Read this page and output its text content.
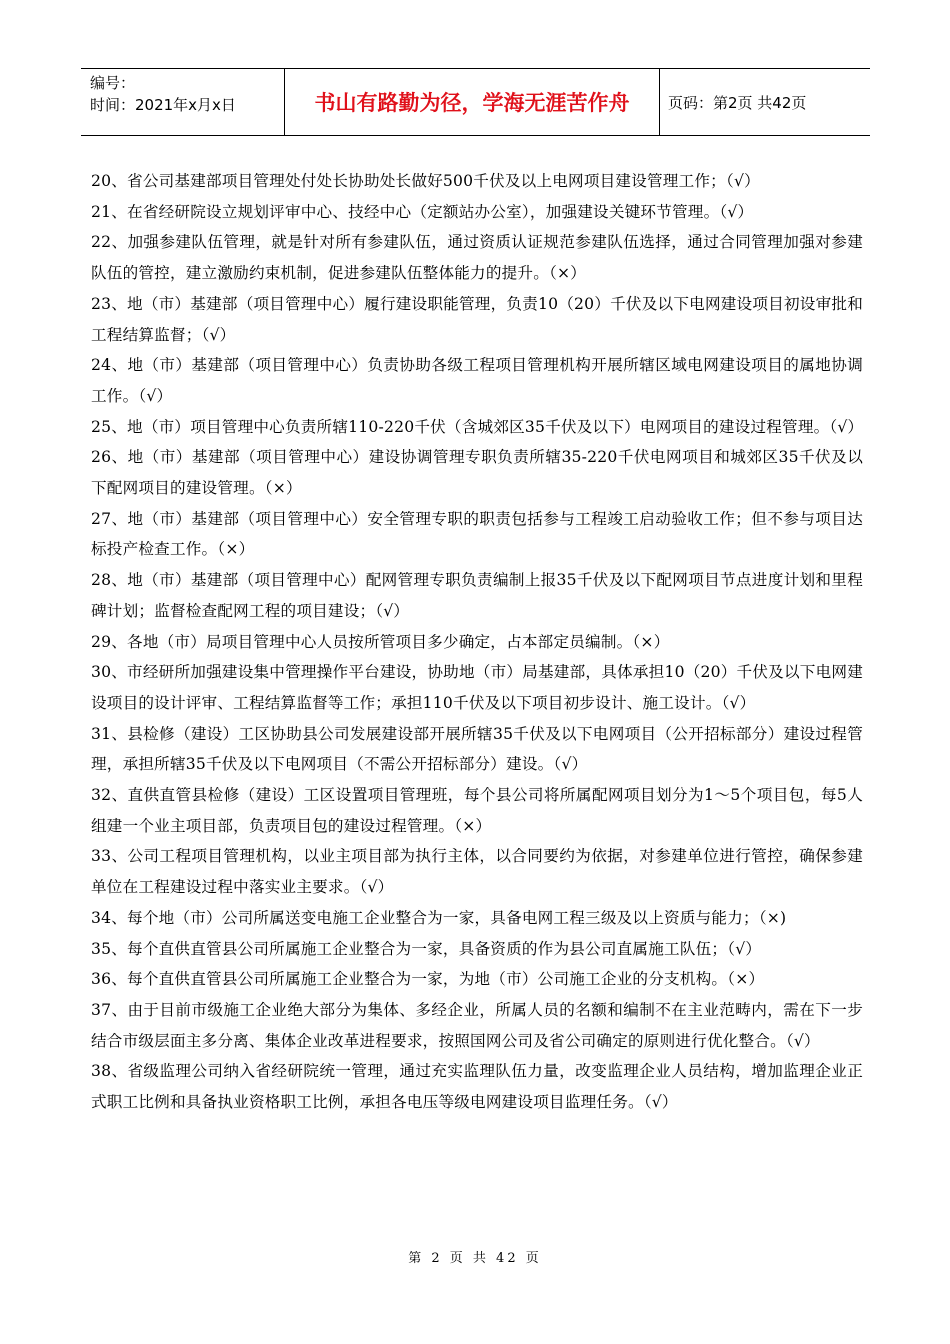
编号：
时间：2021年x月x日	书山有路勤为径，学海无涯苦作舟	页码：第2页 共42页

20、省公司基建部项目管理处付处长协助处长做好500千伏及以上电网项目建设管理工作；（√）

21、在省经研院设立规划评审中心、技经中心（定额站办公室），加强建设关键环节管理。（√）

22、加强参建队伍管理，就是针对所有参建队伍，通过资质认证规范参建队伍选择，通过合同管理加强对参建队伍的管控，建立激励约束机制，促进参建队伍整体能力的提升。（×）

23、地（市）基建部（项目管理中心）履行建设职能管理，负责10（20）千伏及以下电网建设项目初设审批和工程结算监督；（√）

24、地（市）基建部（项目管理中心）负责协助各级工程项目管理机构开展所辖区域电网建设项目的属地协调工作。（√）

25、地（市）项目管理中心负责所辖110-220千伏（含城郊区35千伏及以下）电网项目的建设过程管理。（√）

26、地（市）基建部（项目管理中心）建设协调管理专职负责所辖35-220千伏电网项目和城郊区35千伏及以下配网项目的建设管理。（×）

27、地（市）基建部（项目管理中心）安全管理专职的职责包括参与工程竣工启动验收工作；但不参与项目达标投产检查工作。（×）

28、地（市）基建部（项目管理中心）配网管理专职负责编制上报35千伏及以下配网项目节点进度计划和里程碑计划；监督检查配网工程的项目建设；（√）

29、各地（市）局项目管理中心人员按所管项目多少确定，占本部定员编制。（×）

30、市经研所加强建设集中管理操作平台建设，协助地（市）局基建部，具体承担10（20）千伏及以下电网建设项目的设计评审、工程结算监督等工作；承担110千伏及以下项目初步设计、施工设计。（√）

31、县检修（建设）工区协助县公司发展建设部开展所辖35千伏及以下电网项目（公开招标部分）建设过程管理，承担所辖35千伏及以下电网项目（不需公开招标部分）建设。（√）

32、直供直管县检修（建设）工区设置项目管理班，每个县公司将所属配网项目划分为1～5个项目包，每5人组建一个业主项目部，负责项目包的建设过程管理。（×）

33、公司工程项目管理机构，以业主项目部为执行主体，以合同要约为依据，对参建单位进行管控，确保参建单位在工程建设过程中落实业主要求。（√）

34、每个地（市）公司所属送变电施工企业整合为一家，具备电网工程三级及以上资质与能力；（×)

35、每个直供直管县公司所属施工企业整合为一家，具备资质的作为县公司直属施工队伍；（√）

36、每个直供直管县公司所属施工企业整合为一家，为地（市）公司施工企业的分支机构。（×）

37、由于目前市级施工企业绝大部分为集体、多经企业，所属人员的名额和编制不在主业范畴内，需在下一步结合市级层面主多分离、集体企业改革进程要求，按照国网公司及省公司确定的原则进行优化整合。（√）

38、省级监理公司纳入省经研院统一管理，通过充实监理队伍力量，改变监理企业人员结构，增加监理企业正式职工比例和具备执业资格职工比例，承担各电压等级电网建设项目监理任务。（√）

第 2 页 共 42 页
